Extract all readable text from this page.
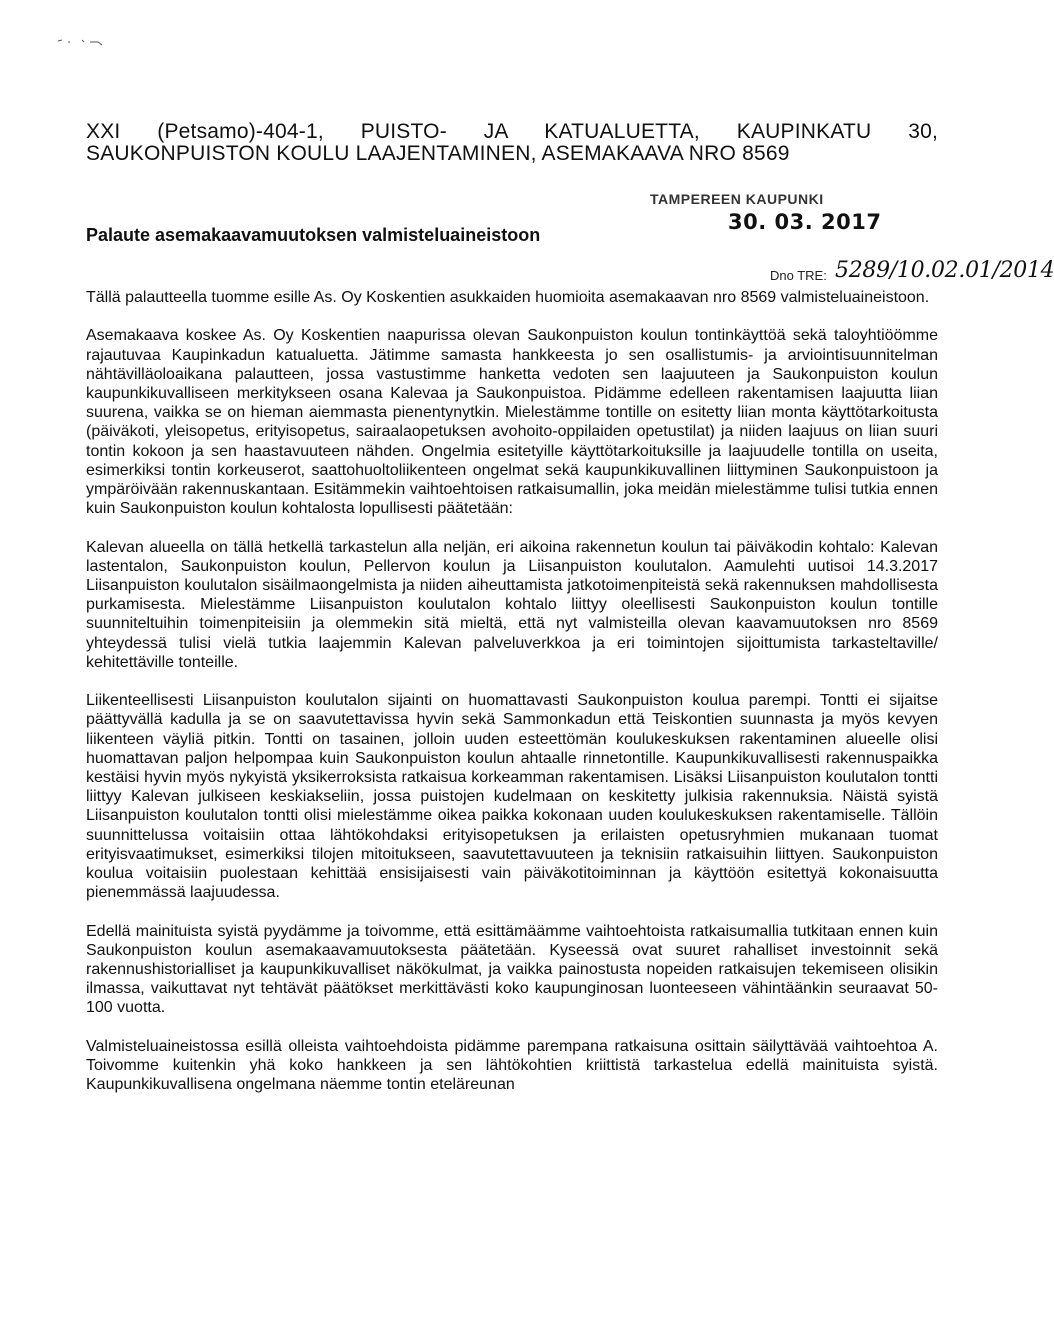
XXI (Petsamo)-404-1, PUISTO- JA KATUALUETTA, KAUPINKATU 30,
SAUKONPUISTON KOULU LAAJENTAMINEN, ASEMAKAAVA NRO 8569
TAMPEREEN KAUPUNKI
30. 03. 2017
Palaute asemakaavamuutoksen valmisteluaineistoon
Dno TRE: 5289/10.02.01/2014

Tällä palautteella tuomme esille As. Oy Koskentien asukkaiden huomioita asemakaavan nro 8569 valmisteluaineistoon.

Asemakaava koskee As. Oy Koskentien naapurissa olevan Saukonpuiston koulun tontinkäyttöä sekä taloyhtiöömme rajautuvaa Kaupinkadun katualuetta. Jätimme samasta hankkeesta jo sen osallistumis- ja arviointisuunnitelman nähtävilläoloaikana palautteen, jossa vastustimme hanketta vedoten sen laajuuteen ja Saukonpuiston koulun kaupunkikuvalliseen merkitykseen osana Kalevaa ja Saukonpuistoa. Pidämme edelleen rakentamisen laajuutta liian suurena, vaikka se on hieman aiemmasta pienentynytkin. Mielestämme tontille on esitetty liian monta käyttötarkoitusta (päiväkoti, yleisopetus, erityisopetus, sairaalaopetuksen avohoito-oppilaiden opetustilat) ja niiden laajuus on liian suuri tontin kokoon ja sen haastavuuteen nähden. Ongelmia esitetyille käyttötarkoituksille ja laajuudelle tontilla on useita, esimerkiksi tontin korkeuserot, saattohuoltoliikenteen ongelmat sekä kaupunkikuvallinen liittyminen Saukonpuistoon ja ympäröivään rakennuskantaan. Esitämmekin vaihtoehtoisen ratkaisumallin, joka meidän mielestämme tulisi tutkia ennen kuin Saukonpuiston koulun kohtalosta lopullisesti päätetään:

Kalevan alueella on tällä hetkellä tarkastelun alla neljän, eri aikoina rakennetun koulun tai päiväkodin kohtalo: Kalevan lastentalon, Saukonpuiston koulun, Pellervon koulun ja Liisanpuiston koulutalon. Aamulehti uutisoi 14.3.2017 Liisanpuiston koulutalon sisäilmaongelmista ja niiden aiheuttamista jatkotoimenpiteistä sekä rakennuksen mahdollisesta purkamisesta. Mielestämme Liisanpuiston koulutalon kohtalo liittyy oleellisesti Saukonpuiston koulun tontille suunniteltuihin toimenpiteisiin ja olemmekin sitä mieltä, että nyt valmisteilla olevan kaavamuutoksen nro 8569 yhteydessä tulisi vielä tutkia laajemmin Kalevan palveluverkkoa ja eri toimintojen sijoittumista tarkasteltaville/ kehitettäville tonteille.

Liikenteellisesti Liisanpuiston koulutalon sijainti on huomattavasti Saukonpuiston koulua parempi. Tontti ei sijaitse päättyvällä kadulla ja se on saavutettavissa hyvin sekä Sammonkadun että Teiskontien suunnasta ja myös kevyen liikenteen väyliä pitkin. Tontti on tasainen, jolloin uuden esteettömän koulukeskuksen rakentaminen alueelle olisi huomattavan paljon helpompaa kuin Saukonpuiston koulun ahtaalle rinnetontille. Kaupunkikuvallisesti rakennuspaikka kestäisi hyvin myös nykyistä yksikerroksista ratkaisua korkeamman rakentamisen. Lisäksi Liisanpuiston koulutalon tontti liittyy Kalevan julkiseen keskiakseliin, jossa puistojen kudelmaan on keskitetty julkisia rakennuksia. Näistä syistä Liisanpuiston koulutalon tontti olisi mielestämme oikea paikka kokonaan uuden koulukeskuksen rakentamiselle. Tällöin suunnittelussa voitaisiin ottaa lähtökohdaksi erityisopetuksen ja erilaisten opetusryhmien mukanaan tuomat erityisvaatimukset, esimerkiksi tilojen mitoitukseen, saavutettavuuteen ja teknisiin ratkaisuihin liittyen. Saukonpuiston koulua voitaisiin puolestaan kehittää ensisijaisesti vain päiväkotitoiminnan ja käyttöön esitettyä kokonaisuutta pienemmässä laajuudessa.

Edellä mainituista syistä pyydämme ja toivomme, että esittämäämme vaihtoehtoista ratkaisumallia tutkitaan ennen kuin Saukonpuiston koulun asemakaavamuutoksesta päätetään. Kyseessä ovat suuret rahalliset investoinnit sekä rakennushistorialliset ja kaupunkikuvalliset näkökulmat, ja vaikka painostusta nopeiden ratkaisujen tekemiseen olisikin ilmassa, vaikuttavat nyt tehtävät päätökset merkittävästi koko kaupunginosan luonteeseen vähintäänkin seuraavat 50-100 vuotta.

Valmisteluaineistossa esillä olleista vaihtoehdoista pidämme parempana ratkaisuna osittain säilyttävää vaihtoehtoa A. Toivomme kuitenkin yhä koko hankkeen ja sen lähtökohtien kriittistä tarkastelua edellä mainituista syistä. Kaupunkikuvallisena ongelmana näemme tontin eteläreunan
